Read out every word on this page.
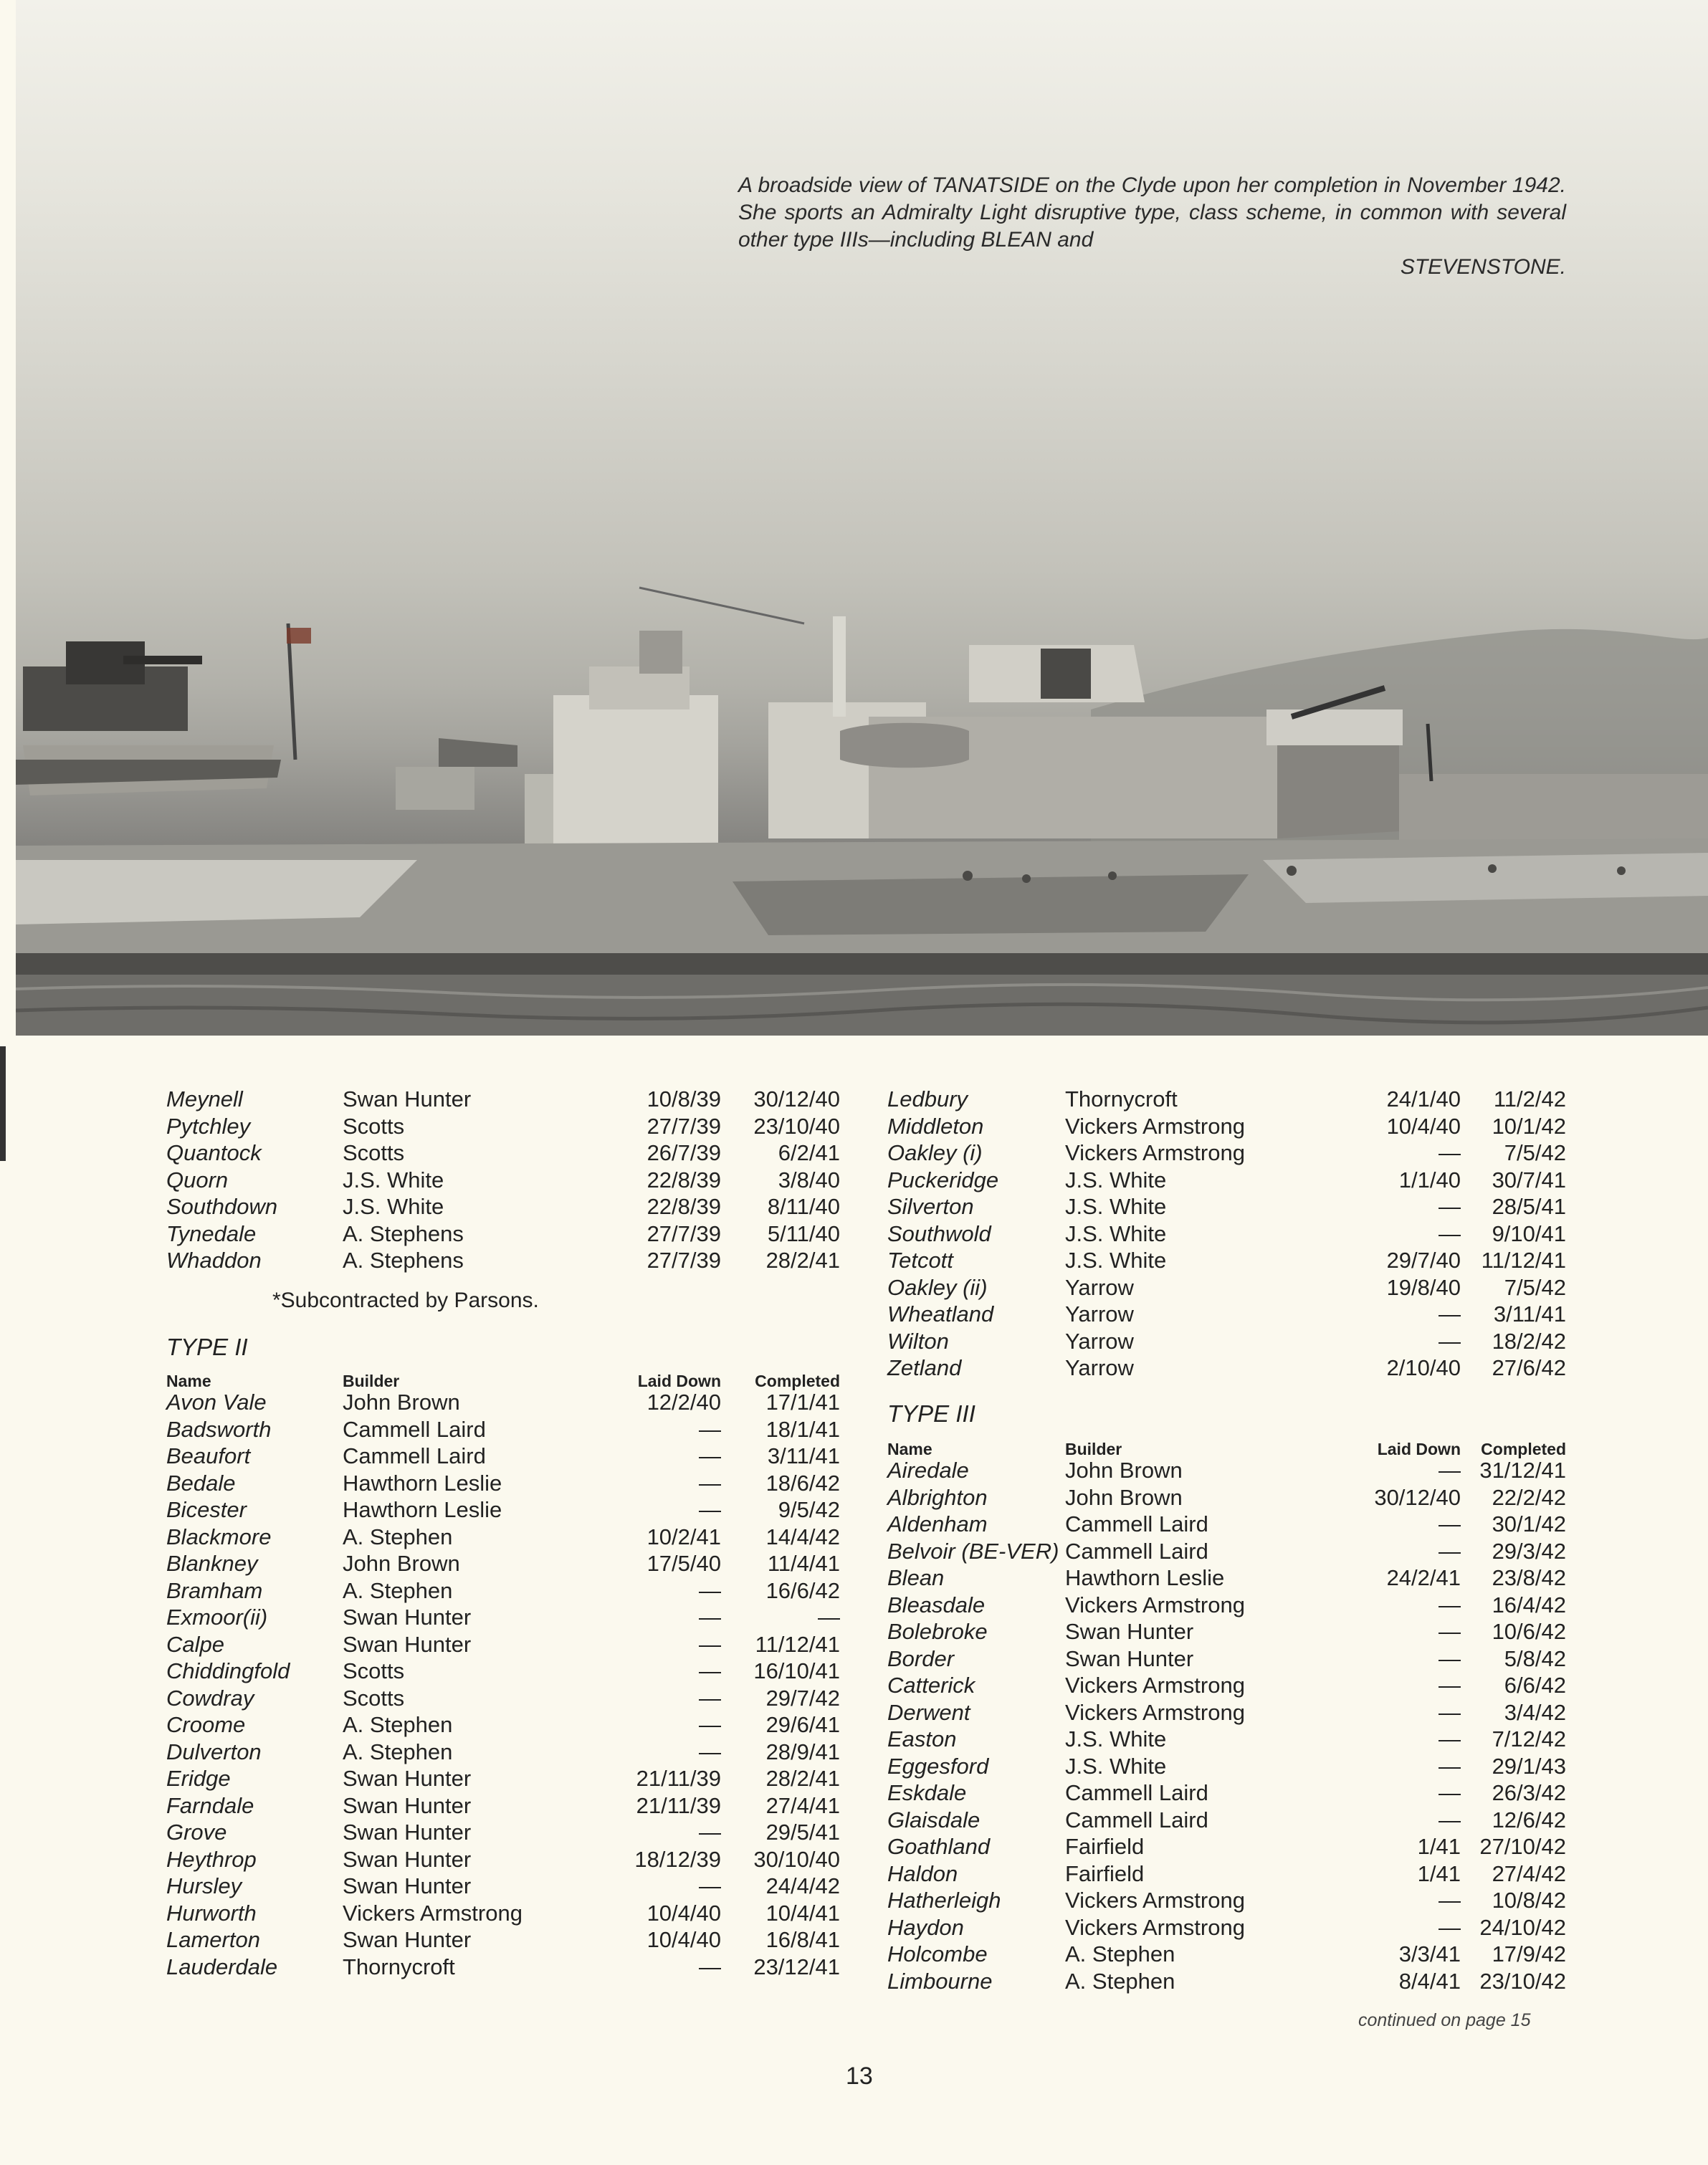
A broadside view of TANATSIDE on the Clyde upon her completion in November 1942. She sports an Admiralty Light disruptive type, class scheme, in common with several other type IIIs—including BLEAN and
STEVENSTONE.
Meynell	Swan Hunter	10/8/39	30/12/40
Pytchley	Scotts	27/7/39	23/10/40
Quantock	Scotts	26/7/39	6/2/41
Quorn	J.S. White	22/8/39	3/8/40
Southdown	J.S. White	22/8/39	8/11/40
Tynedale	A. Stephens	27/7/39	5/11/40
Whaddon	A. Stephens	27/7/39	28/2/41
*Subcontracted by Parsons.
TYPE II
Name	Builder	Laid Down	Completed
Avon Vale	John Brown	12/2/40	17/1/41
Badsworth	Cammell Laird	—	18/1/41
Beaufort	Cammell Laird	—	3/11/41
Bedale	Hawthorn Leslie	—	18/6/42
Bicester	Hawthorn Leslie	—	9/5/42
Blackmore	A. Stephen	10/2/41	14/4/42
Blankney	John Brown	17/5/40	11/4/41
Bramham	A. Stephen	—	16/6/42
Exmoor(ii)	Swan Hunter	—	—
Calpe	Swan Hunter	—	11/12/41
Chiddingfold Scotts	—	16/10/41
Cowdray	Scotts	—	29/7/42
Croome	A. Stephen	—	29/6/41
Dulverton	A. Stephen	—	28/9/41
Eridge	Swan Hunter	21/11/39	28/2/41
Farndale	Swan Hunter	21/11/39	27/4/41
Grove	Swan Hunter	—	29/5/41
Heythrop	Swan Hunter	18/12/39	30/10/40
Hursley	Swan Hunter	—	24/4/42
Hurworth	Vickers Armstrong	10/4/40	10/4/41
Lamerton	Swan Hunter	10/4/40	16/8/41
Lauderdale	Thornycroft	—	23/12/41
Ledbury	Thornycroft	24/1/40	11/2/42
Middleton	Vickers Armstrong	10/4/40	10/1/42
Oakley (i)	Vickers Armstrong	—	7/5/42
Puckeridge	J.S. White	1/1/40	30/7/41
Silverton	J.S. White	—	28/5/41
Southwold	J.S. White	—	9/10/41
Tetcott	J.S. White	29/7/40 11/12/41
Oakley (ii)	Yarrow	19/8/40	7/5/42
Wheatland	Yarrow	—	3/11/41
Wilton	Yarrow	—	18/2/42
Zetland	Yarrow	2/10/40	27/6/42
TYPE III
Name	Builder	Laid Down	Completed
Airedale	John Brown	— 31/12/41
Albrighton	John Brown	30/12/40	22/2/42
Aldenham	Cammell Laird	—	30/1/42
Belvoir (BE-VER) Cammell Laird	—	29/3/42
Blean	Hawthorn Leslie	24/2/41	23/8/42
Bleasdale	Vickers Armstrong	—	16/4/42
Bolebroke	Swan Hunter	—	10/6/42
Border	Swan Hunter	—	5/8/42
Catterick	Vickers Armstrong	—	6/6/42
Derwent	Vickers Armstrong	—	3/4/42
Easton	J.S. White	—	7/12/42
Eggesford	J.S. White	—	29/1/43
Eskdale	Cammell Laird	—	26/3/42
Glaisdale	Cammell Laird	—	12/6/42
Goathland	Fairfield	1/41 27/10/42
Haldon	Fairfield	1/41	27/4/42
Hatherleigh	Vickers Armstrong	—	10/8/42
Haydon	Vickers Armstrong	— 24/10/42
Holcombe	A. Stephen	3/3/41	17/9/42
Limbourne	A. Stephen	8/4/41 23/10/42
continued on page 15
13
